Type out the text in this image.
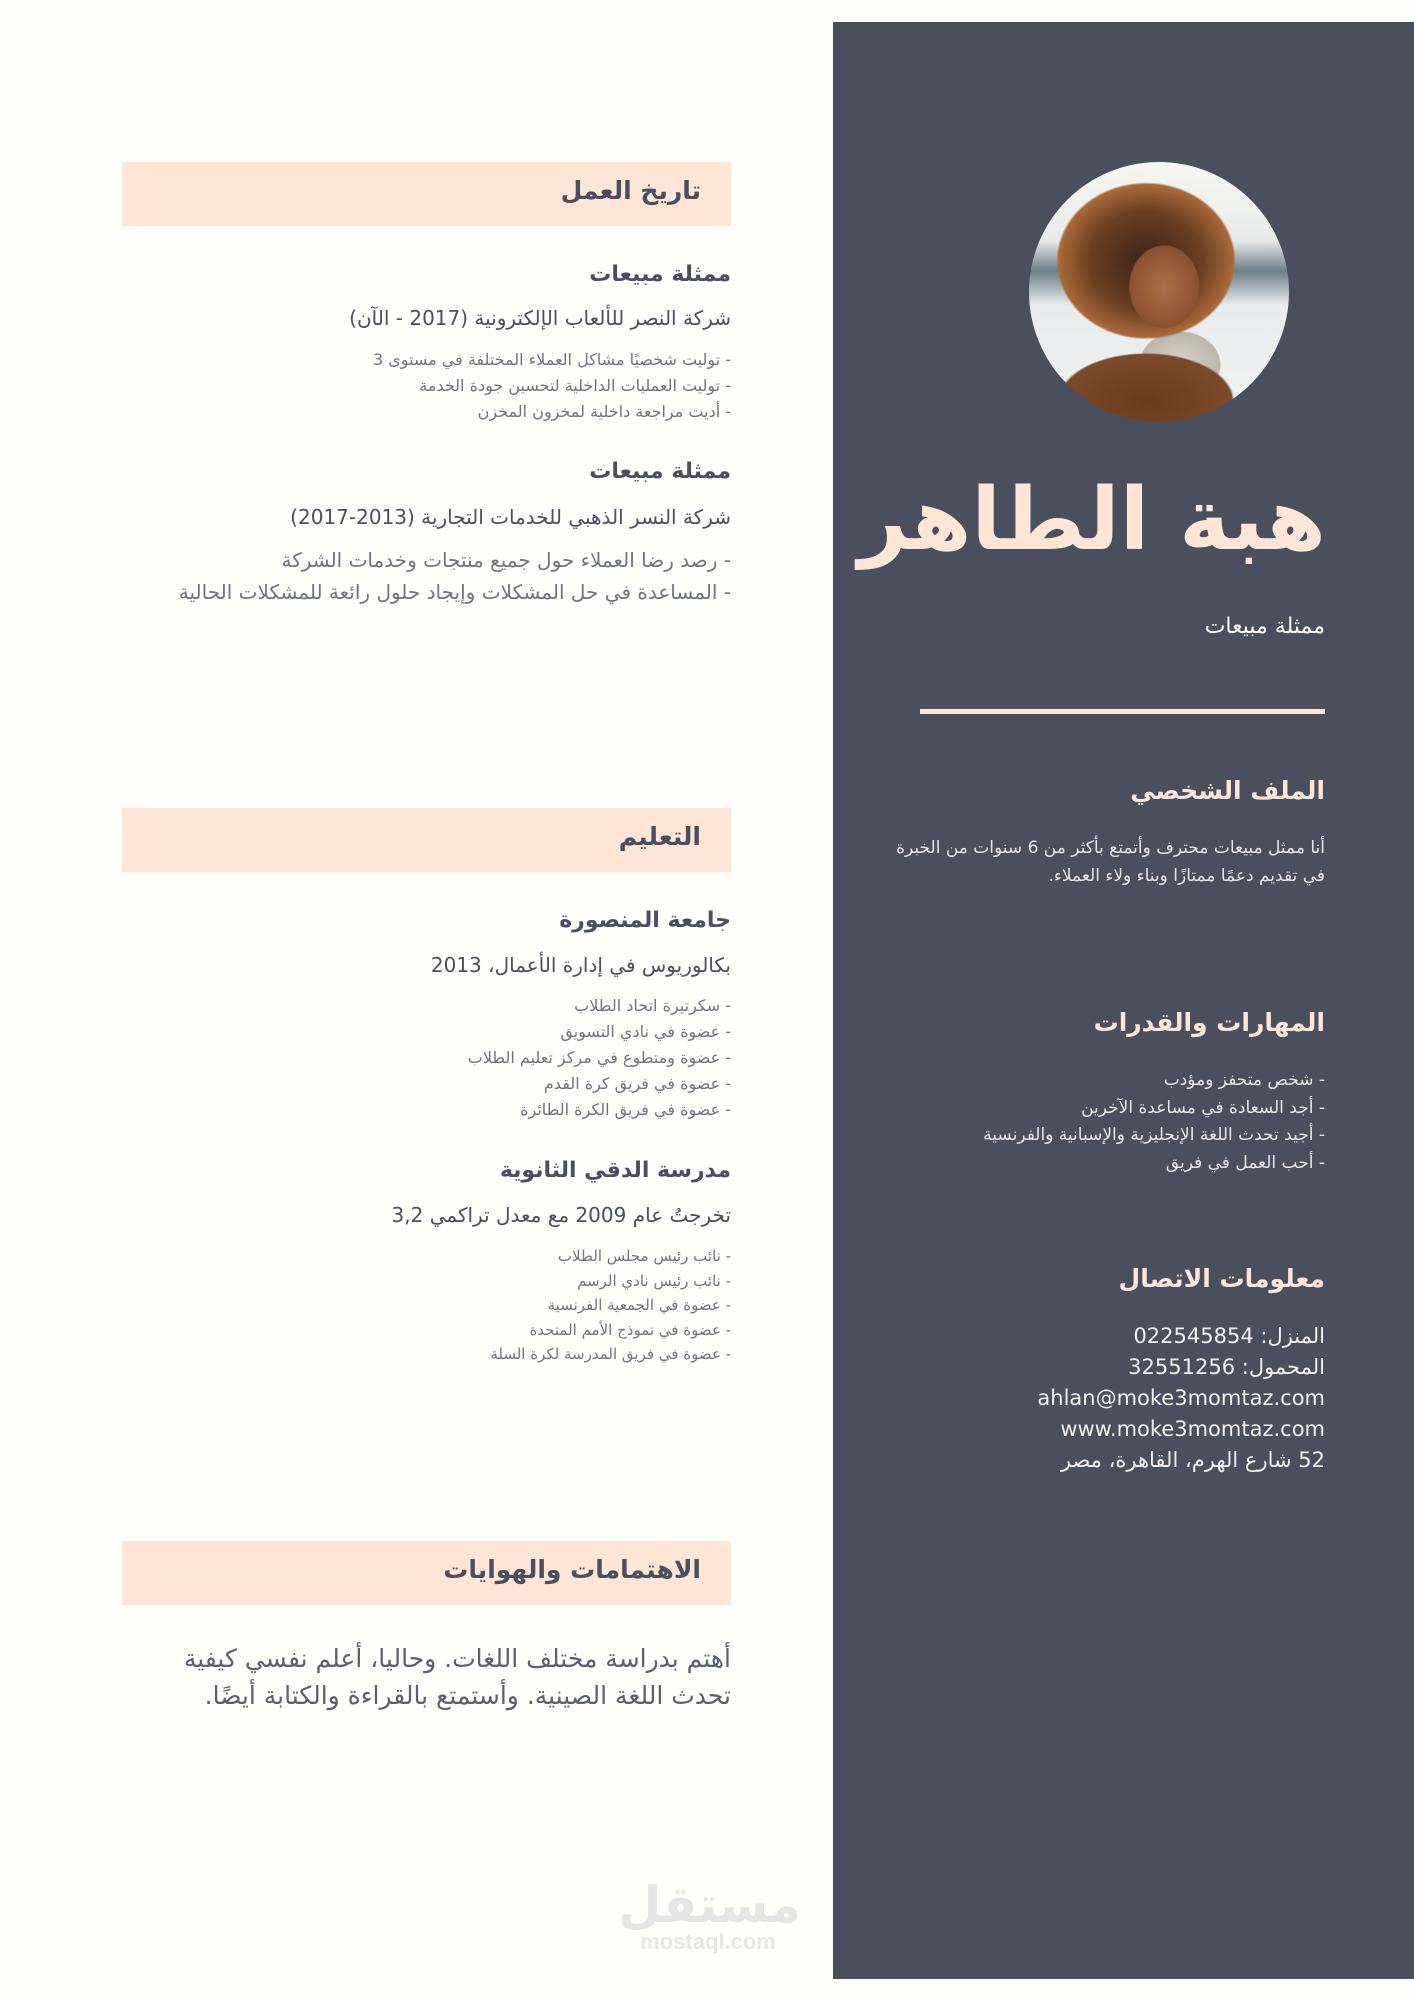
هبة الطاهر
ممثلة مبيعات
الملف الشخصي
أنا ممثل مبيعات محترف وأتمتع بأكثر من 6 سنوات من الخبرة في تقديم دعمًا ممتازًا وبناء ولاء العملاء.
المهارات والقدرات
- شخص متحفز ومؤدب
- أجد السعادة في مساعدة الآخرين
- أجيد تحدث اللغة الإنجليزية والإسبانية والفرنسية
- أحب العمل في فريق
معلومات الاتصال
المنزل: 022545854
المحمول: 32551256
ahlan@moke3momtaz.com
www.moke3momtaz.com
52 شارع الهرم، القاهرة، مصر
تاريخ العمل
ممثلة مبيعات
شركة النصر للألعاب الإلكترونية (2017 - الآن)
- توليت شخصيًا مشاكل العملاء المختلفة في مستوى 3
- توليت العمليات الداخلية لتحسين جودة الخدمة
- أديت مراجعة داخلية لمخزون المخزن
ممثلة مبيعات
شركة النسر الذهبي للخدمات التجارية (2013-2017)
- رصد رضا العملاء حول جميع منتجات وخدمات الشركة
- المساعدة في حل المشكلات وإيجاد حلول رائعة للمشكلات الحالية
التعليم
جامعة المنصورة
بكالوريوس في إدارة الأعمال، 2013
- سكرتيرة اتحاد الطلاب
- عضوة في نادي التسويق
- عضوة ومتطوع في مركز تعليم الطلاب
- عضوة في فريق كرة القدم
- عضوة في فريق الكرة الطائرة
مدرسة الدقي الثانوية
تخرجتُ عام 2009 مع معدل تراكمي 3,2
- نائب رئيس مجلس الطلاب
- نائب رئيس نادي الرسم
- عضوة في الجمعية الفرنسية
- عضوة في نموذج الأمم المتحدة
- عضوة في فريق المدرسة لكرة السلة
الاهتمامات والهوايات
أهتم بدراسة مختلف اللغات. وحاليا، أعلم نفسي كيفية تحدث اللغة الصينية. وأستمتع بالقراءة والكتابة أيضًا.
مستقل
mostaql.com
